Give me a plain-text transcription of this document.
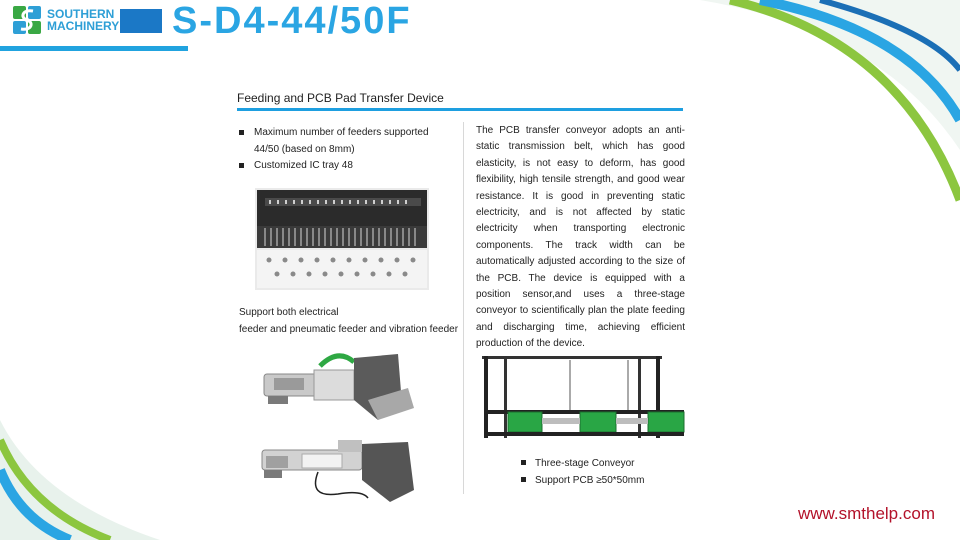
SOUTHERN
MACHINERY S-D4-44/50F
Feeding and PCB Pad Transfer Device
Maximum number of feeders supported 44/50 (based on 8mm)
Customized IC tray 48
Support both electrical
feeder and pneumatic feeder and vibration feeder
The PCB transfer conveyor adopts an anti-static transmission belt, which has good elasticity, is not easy to deform, has good flexibility, high tensile strength, and good wear resistance. It is good in preventing static electricity, and is not affected by static electricity when transporting electronic components. The track width can be automatically adjusted according to the size of the PCB. The device is equipped with a position sensor,and uses a three-stage conveyor to scientifically plan the plate feeding and discharging time, achieving efficient production of the device.
Three-stage Conveyor
Support PCB ≥50*50mm
www.smthelp.com
